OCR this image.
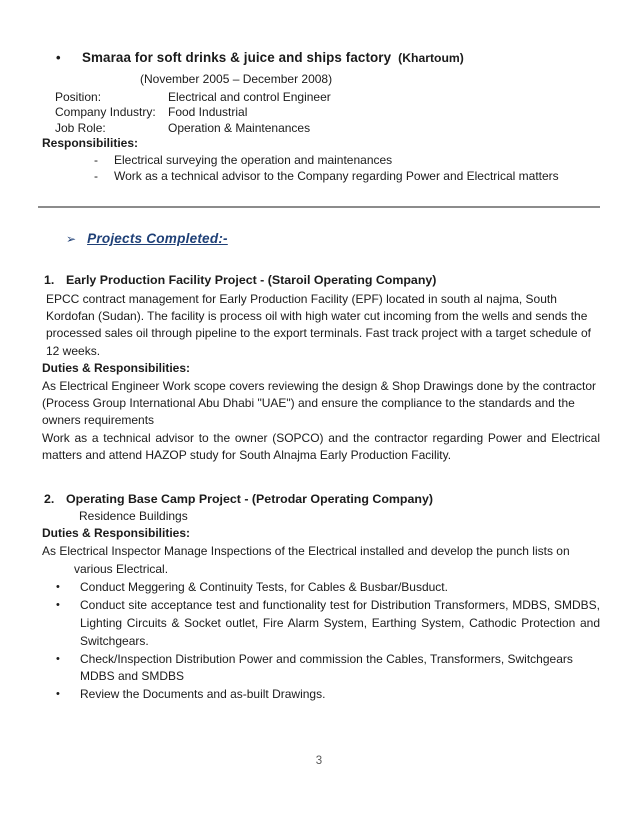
•	Smaraa for soft drinks & juice and ships factory (Khartoum)
(November 2005 – December 2008)
Position:	Electrical and control Engineer
Company Industry:	Food Industrial
Job Role:	Operation & Maintenances
Responsibilities:
-	Electrical surveying the operation and maintenances
-	Work as a technical advisor to the Company regarding Power and Electrical matters
➢ Projects Completed:-
1. Early Production Facility Project - (Staroil Operating Company)
EPCC contract management for Early Production Facility (EPF) located in south al najma, South Kordofan (Sudan). The facility is process oil with high water cut incoming from the wells and sends the processed sales oil through pipeline to the export terminals. Fast track project with a target schedule of 12 weeks.
Duties & Responsibilities:
As Electrical Engineer Work scope covers reviewing the design & Shop Drawings done by the contractor (Process Group International Abu Dhabi "UAE") and ensure the compliance to the standards and the owners requirements
Work as a technical advisor to the owner (SOPCO) and the contractor regarding Power and Electrical matters and attend HAZOP study for South Alnajma Early Production Facility.
2. Operating Base Camp Project - (Petrodar Operating Company)
Residence Buildings
Duties & Responsibilities:
As Electrical Inspector Manage Inspections of the Electrical installed and develop the punch lists on various Electrical.
•	Conduct Meggering & Continuity Tests, for Cables & Busbar/Busduct.
•	Conduct site acceptance test and functionality test for Distribution Transformers, MDBS, SMDBS, Lighting Circuits & Socket outlet, Fire Alarm System, Earthing System, Cathodic Protection and Switchgears.
•	Check/Inspection Distribution Power and commission the Cables, Transformers, Switchgears MDBS and SMDBS
•	Review the Documents and as-built Drawings.
3
